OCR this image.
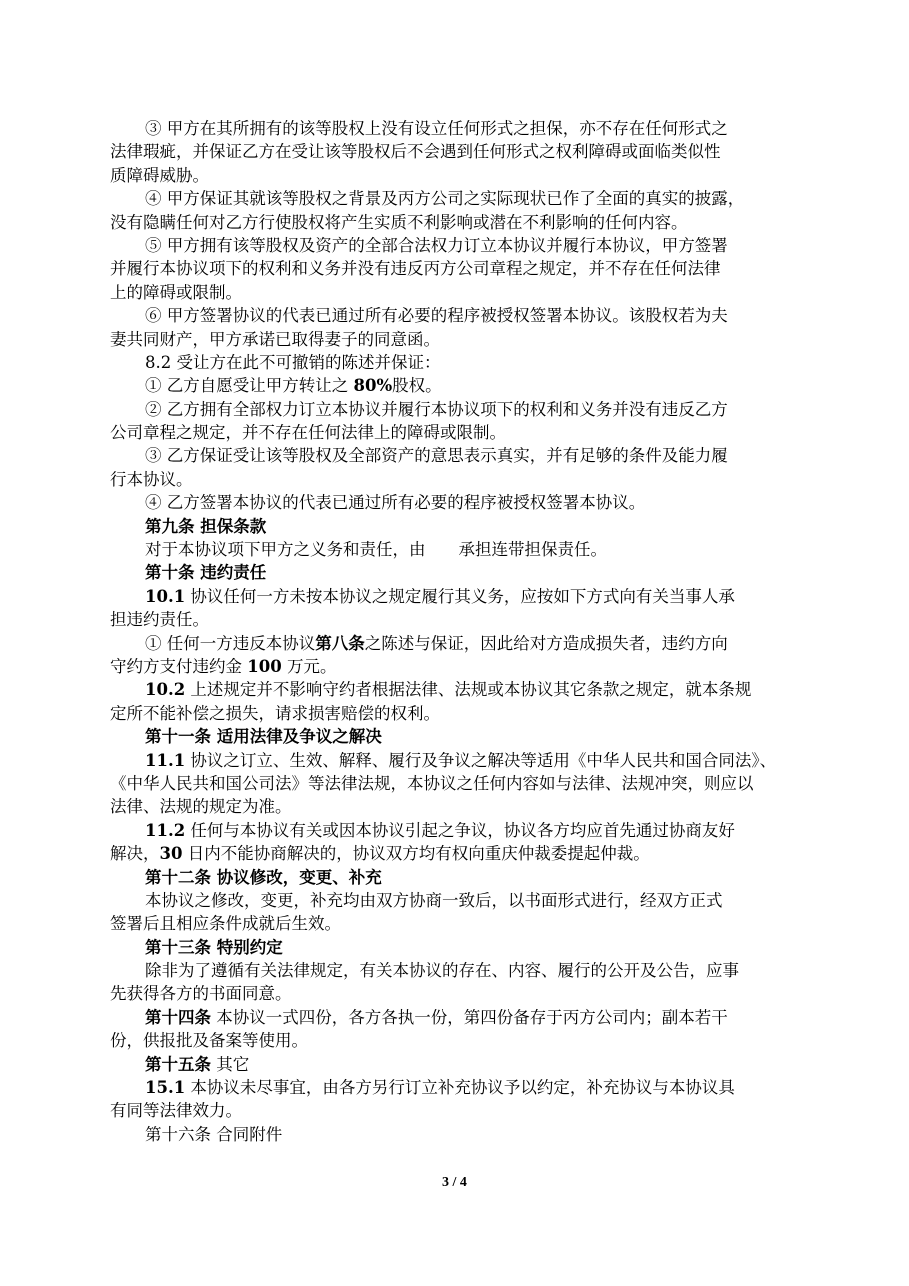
③ 甲方在其所拥有的该等股权上没有设立任何形式之担保，亦不存在任何形式之
法律瑕疵，并保证乙方在受让该等股权后不会遇到任何形式之权利障碍或面临类似性
质障碍威胁。
④ 甲方保证其就该等股权之背景及丙方公司之实际现状已作了全面的真实的披露，
没有隐瞒任何对乙方行使股权将产生实质不利影响或潜在不利影响的任何内容。
⑤ 甲方拥有该等股权及资产的全部合法权力订立本协议并履行本协议，甲方签署
并履行本协议项下的权利和义务并没有违反丙方公司章程之规定，并不存在任何法律
上的障碍或限制。
⑥ 甲方签署协议的代表已通过所有必要的程序被授权签署本协议。该股权若为夫
妻共同财产，甲方承诺已取得妻子的同意函。
8.2 受让方在此不可撤销的陈述并保证：
① 乙方自愿受让甲方转让之 80%股权。
② 乙方拥有全部权力订立本协议并履行本协议项下的权利和义务并没有违反乙方
公司章程之规定，并不存在任何法律上的障碍或限制。
③ 乙方保证受让该等股权及全部资产的意思表示真实，并有足够的条件及能力履
行本协议。
④ 乙方签署本协议的代表已通过所有必要的程序被授权签署本协议。
第九条 担保条款
对于本协议项下甲方之义务和责任，由　　承担连带担保责任。
第十条 违约责任
10.1 协议任何一方未按本协议之规定履行其义务，应按如下方式向有关当事人承
担违约责任。
① 任何一方违反本协议第八条之陈述与保证，因此给对方造成损失者，违约方向
守约方支付违约金 100 万元。
10.2 上述规定并不影响守约者根据法律、法规或本协议其它条款之规定，就本条规
定所不能补偿之损失，请求损害赔偿的权利。
第十一条 适用法律及争议之解决
11.1 协议之订立、生效、解释、履行及争议之解决等适用《中华人民共和国合同法》、
《中华人民共和国公司法》等法律法规，本协议之任何内容如与法律、法规冲突，则应以
法律、法规的规定为准。
11.2 任何与本协议有关或因本协议引起之争议，协议各方均应首先通过协商友好
解决，30 日内不能协商解决的，协议双方均有权向重庆仲裁委提起仲裁。
第十二条 协议修改，变更、补充
本协议之修改，变更，补充均由双方协商一致后，以书面形式进行，经双方正式
签署后且相应条件成就后生效。
第十三条 特别约定
除非为了遵循有关法律规定，有关本协议的存在、内容、履行的公开及公告，应事
先获得各方的书面同意。
第十四条 本协议一式四份，各方各执一份，第四份备存于丙方公司内；副本若干
份，供报批及备案等使用。
第十五条 其它
15.1 本协议未尽事宜，由各方另行订立补充协议予以约定，补充协议与本协议具
有同等法律效力。
第十六条 合同附件
3 / 4
